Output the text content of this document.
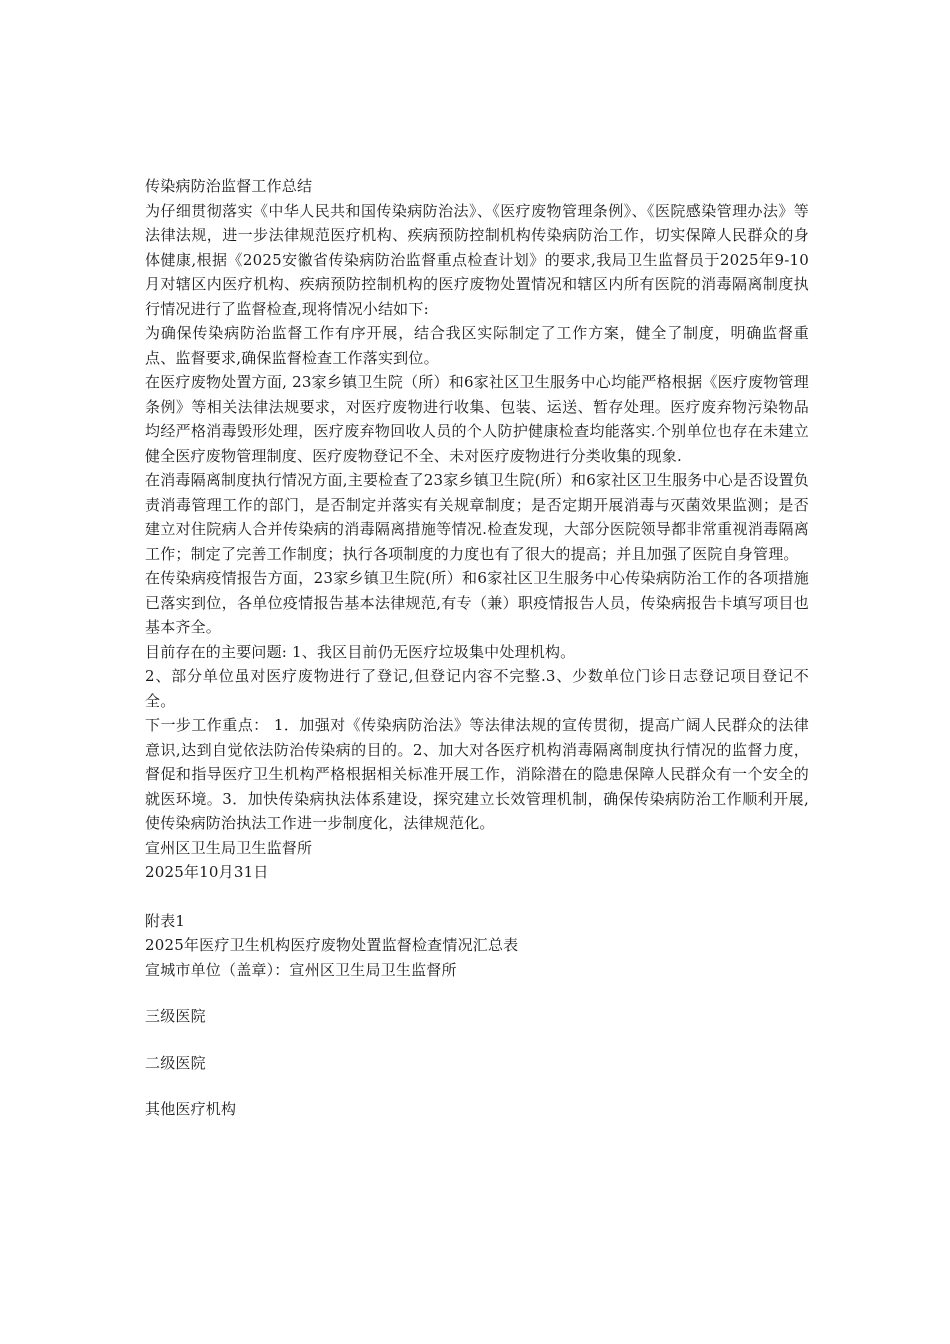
传染病防治监督工作总结

为仔细贯彻落实《中华人民共和国传染病防治法》、《医疗废物管理条例》、《医院感染管理办法》等法律法规，进一步法律规范医疗机构、疾病预防控制机构传染病防治工作，切实保障人民群众的身体健康,根据《2025安徽省传染病防治监督重点检查计划》的要求,我局卫生监督员于2025年9-10月对辖区内医疗机构、疾病预防控制机构的医疗废物处置情况和辖区内所有医院的消毒隔离制度执行情况进行了监督检查,现将情况小结如下:

为确保传染病防治监督工作有序开展，结合我区实际制定了工作方案，健全了制度，明确监督重点、监督要求,确保监督检查工作落实到位。

在医疗废物处置方面, 23家乡镇卫生院（所）和6家社区卫生服务中心均能严格根据《医疗废物管理条例》等相关法律法规要求，对医疗废物进行收集、包装、运送、暂存处理。医疗废弃物污染物品均经严格消毒毁形处理，医疗废弃物回收人员的个人防护健康检查均能落实.个别单位也存在未建立健全医疗废物管理制度、医疗废物登记不全、未对医疗废物进行分类收集的现象.

在消毒隔离制度执行情况方面,主要检查了23家乡镇卫生院(所）和6家社区卫生服务中心是否设置负责消毒管理工作的部门，是否制定并落实有关规章制度；是否定期开展消毒与灭菌效果监测；是否建立对住院病人合并传染病的消毒隔离措施等情况.检查发现，大部分医院领导都非常重视消毒隔离工作；制定了完善工作制度；执行各项制度的力度也有了很大的提高；并且加强了医院自身管理。

在传染病疫情报告方面，23家乡镇卫生院(所）和6家社区卫生服务中心传染病防治工作的各项措施已落实到位，各单位疫情报告基本法律规范,有专（兼）职疫情报告人员，传染病报告卡填写项目也基本齐全。

目前存在的主要问题: 1、我区目前仍无医疗垃圾集中处理机构。

2、部分单位虽对医疗废物进行了登记,但登记内容不完整.3、少数单位门诊日志登记项目登记不全。

下一步工作重点： 1．加强对《传染病防治法》等法律法规的宣传贯彻，提高广阔人民群众的法律意识,达到自觉依法防治传染病的目的。2、加大对各医疗机构消毒隔离制度执行情况的监督力度，督促和指导医疗卫生机构严格根据相关标准开展工作，消除潜在的隐患保障人民群众有一个安全的就医环境。3．加快传染病执法体系建设，探究建立长效管理机制，确保传染病防治工作顺利开展,使传染病防治执法工作进一步制度化，法律规范化。

宣州区卫生局卫生监督所

2025年10月31日

附表1

2025年医疗卫生机构医疗废物处置监督检查情况汇总表

宣城市单位（盖章）：宣州区卫生局卫生监督所

三级医院

二级医院

其他医疗机构
